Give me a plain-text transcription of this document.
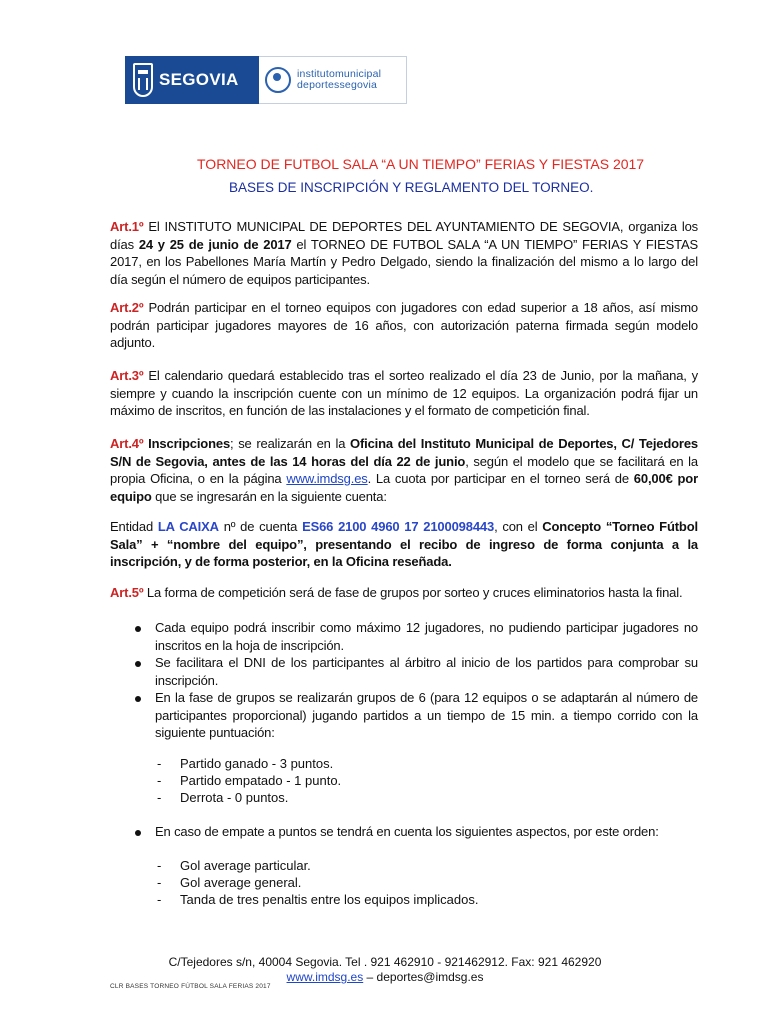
SEGOVIA	institutomunicipal
deportessegovia
TORNEO DE FUTBOL SALA “A UN TIEMPO” FERIAS Y FIESTAS 2017
BASES DE INSCRIPCIÓN Y REGLAMENTO DEL TORNEO.
Art.1º El INSTITUTO MUNICIPAL DE DEPORTES DEL AYUNTAMIENTO DE SEGOVIA, organiza los días 24 y 25 de junio de 2017 el TORNEO DE FUTBOL SALA “A UN TIEMPO” FERIAS Y FIESTAS 2017, en los Pabellones María Martín y Pedro Delgado, siendo la finalización del mismo a lo largo del día según el número de equipos participantes.
Art.2º Podrán participar en el torneo equipos con jugadores con edad superior a 18 años, así mismo podrán participar jugadores mayores de 16 años, con autorización paterna firmada según modelo adjunto.
Art.3º El calendario quedará establecido tras el sorteo realizado el día 23 de Junio, por la mañana, y siempre y cuando la inscripción cuente con un mínimo de 12 equipos. La organización podrá fijar un máximo de inscritos, en función de las instalaciones y el formato de competición final.
Art.4º Inscripciones; se realizarán en la Oficina del Instituto Municipal de Deportes, C/ Tejedores S/N de Segovia, antes de las 14 horas del día 22 de junio, según el modelo que se facilitará en la propia Oficina, o en la página www.imdsg.es. La cuota por participar en el torneo será de 60,00€ por equipo que se ingresarán en la siguiente cuenta:
Entidad LA CAIXA nº de cuenta ES66 2100 4960 17 2100098443, con el Concepto “Torneo Fútbol Sala” + “nombre del equipo”, presentando el recibo de ingreso de forma conjunta a la inscripción, y de forma posterior, en la Oficina reseñada.
Art.5º La forma de competición será de fase de grupos por sorteo y cruces eliminatorios hasta la final.
Cada equipo podrá inscribir como máximo 12 jugadores, no pudiendo participar jugadores no inscritos en la hoja de inscripción.
Se facilitara el DNI de los participantes al árbitro al inicio de los partidos para comprobar su inscripción.
En la fase de grupos se realizarán grupos de 6 (para 12 equipos o se adaptarán al número de participantes proporcional) jugando partidos a un tiempo de 15 min. a tiempo corrido con la siguiente puntuación:
- Partido ganado - 3 puntos.
- Partido empatado - 1 punto.
- Derrota - 0 puntos.
En caso de empate a puntos se tendrá en cuenta los siguientes aspectos, por este orden:
- Gol average particular.
- Gol average general.
- Tanda de tres penaltis entre los equipos implicados.
C/Tejedores s/n, 40004 Segovia. Tel . 921 462910 - 921462912. Fax: 921 462920
www.imdsg.es – deportes@imdsg.es
CLR BASES TORNEO FÚTBOL SALA FERIAS 2017
